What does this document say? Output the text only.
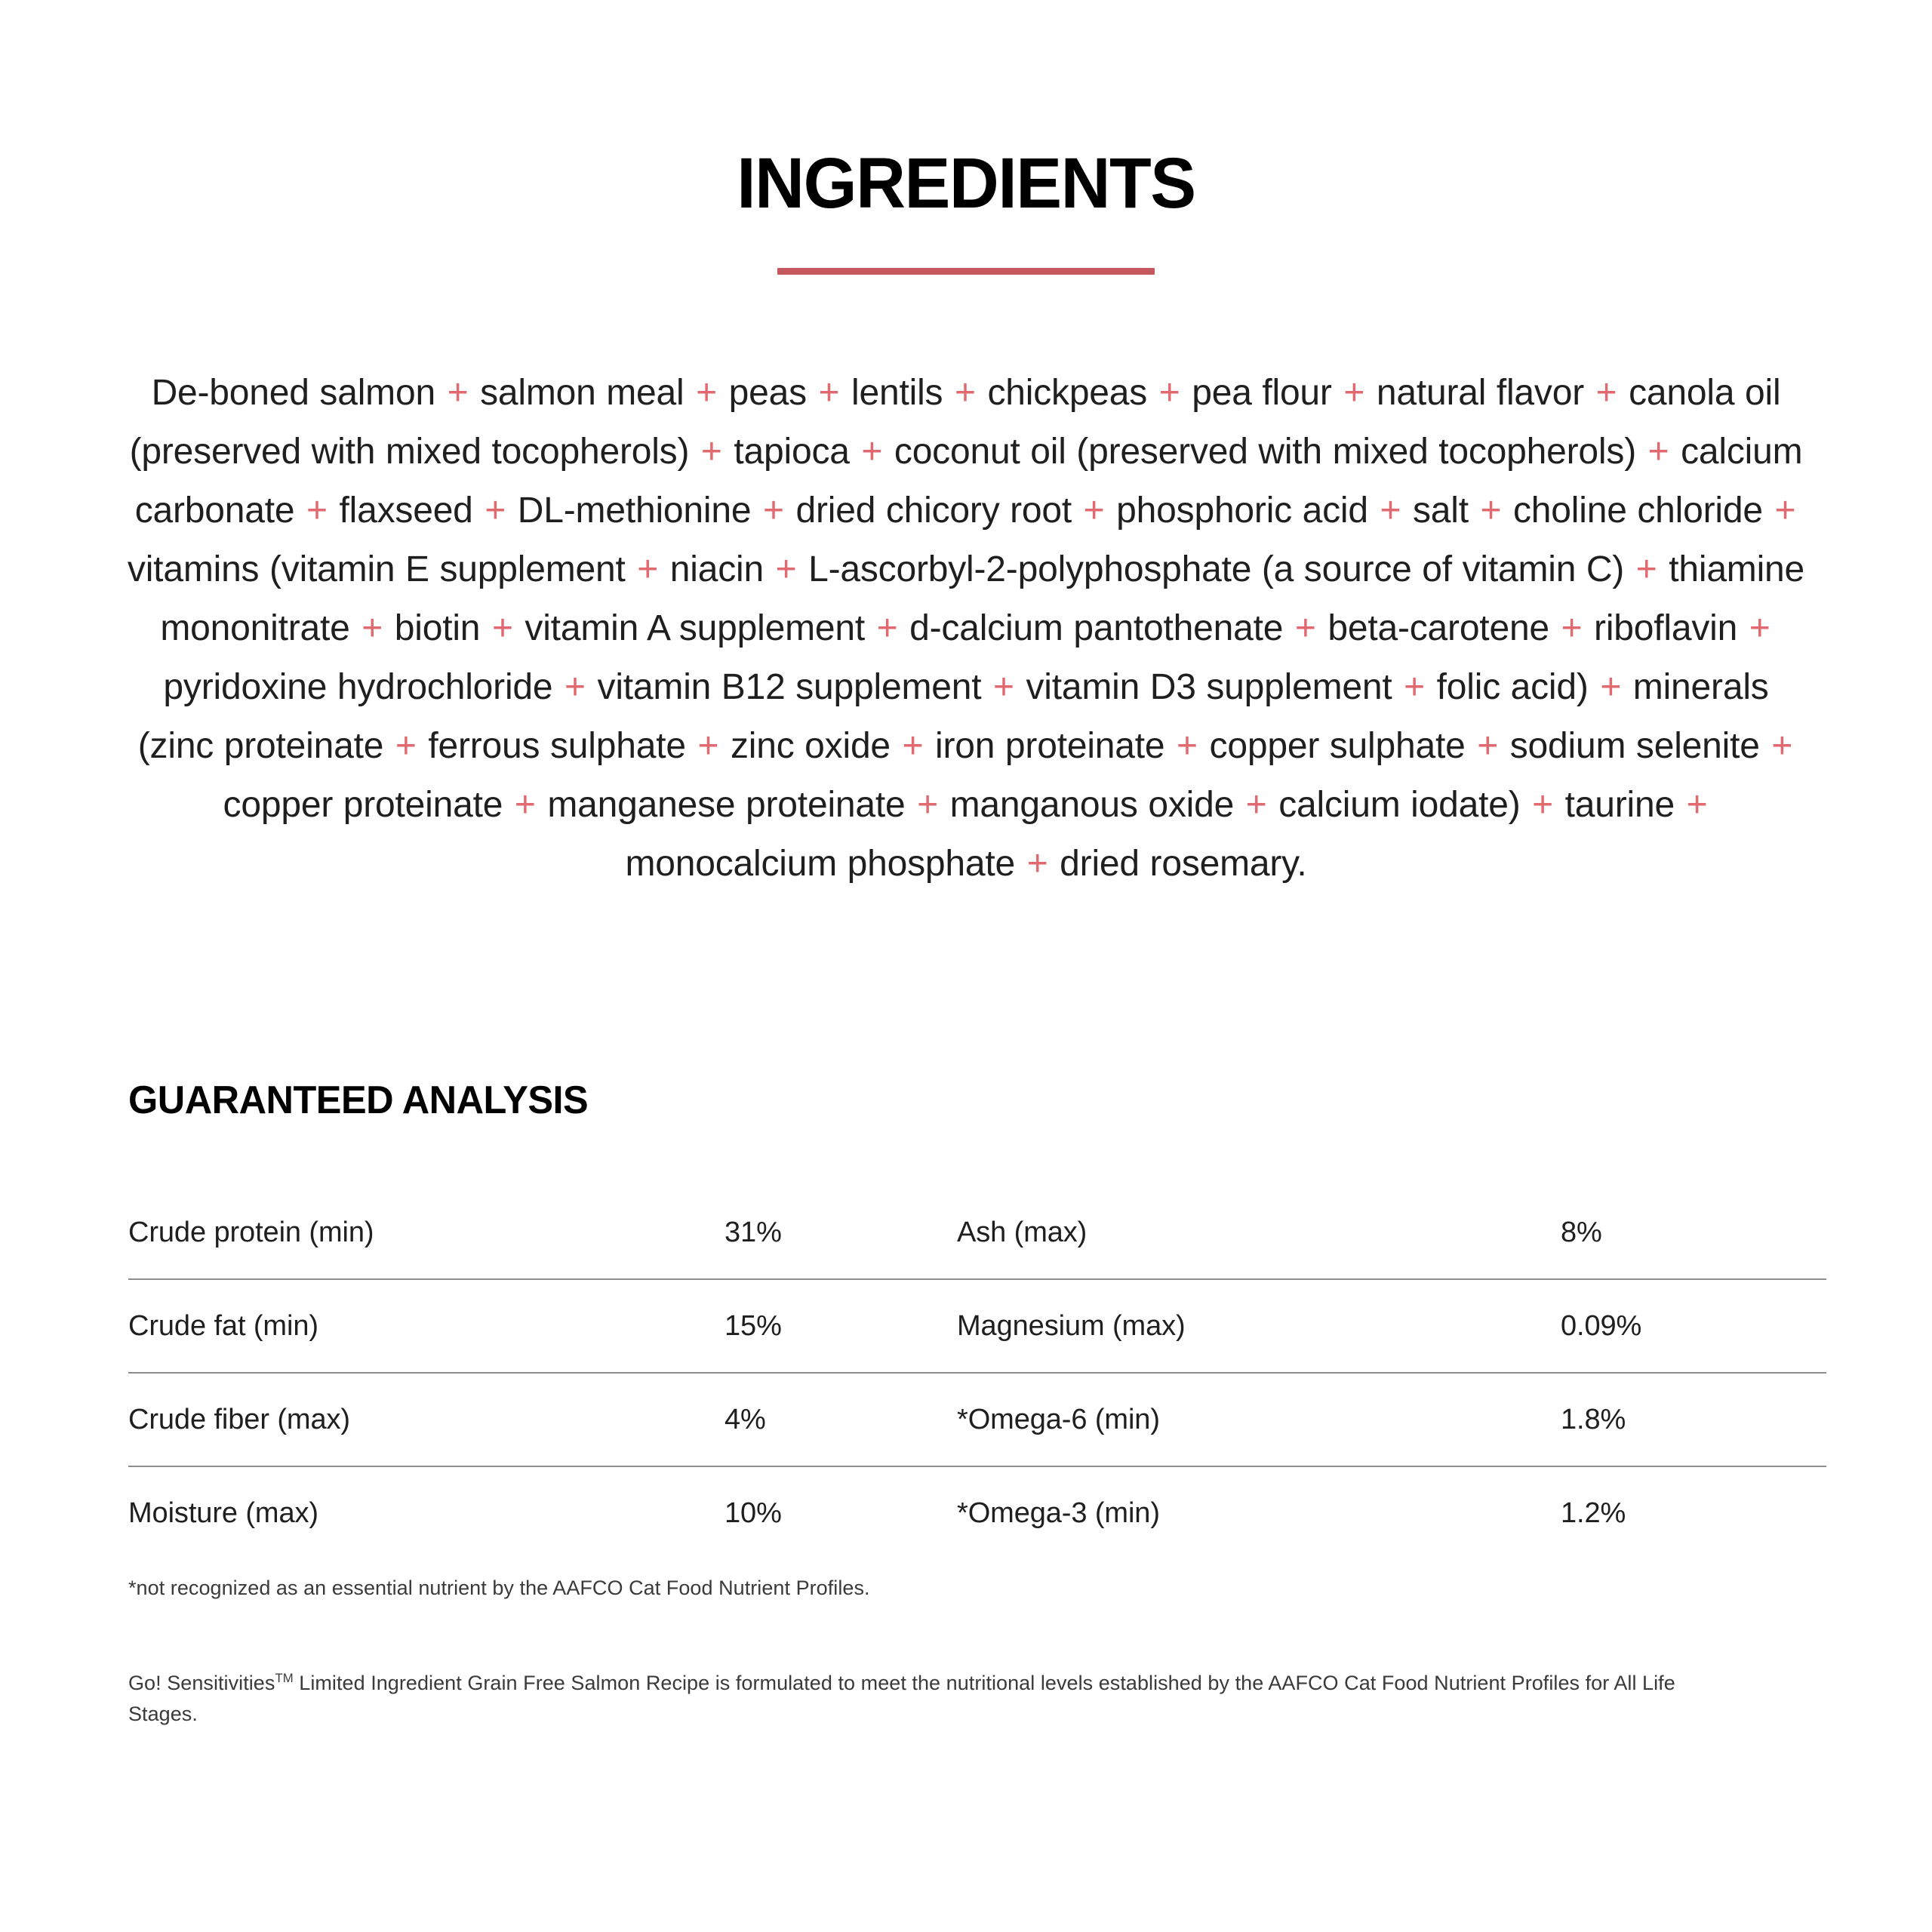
INGREDIENTS

De-boned salmon + salmon meal + peas + lentils + chickpeas + pea flour + natural flavor + canola oil (preserved with mixed tocopherols) + tapioca + coconut oil (preserved with mixed tocopherols) + calcium carbonate + flaxseed + DL-methionine + dried chicory root + phosphoric acid + salt + choline chloride + vitamins (vitamin E supplement + niacin + L-ascorbyl-2-polyphosphate (a source of vitamin C) + thiamine mononitrate + biotin + vitamin A supplement + d-calcium pantothenate + beta-carotene + riboflavin + pyridoxine hydrochloride + vitamin B12 supplement + vitamin D3 supplement + folic acid) + minerals (zinc proteinate + ferrous sulphate + zinc oxide + iron proteinate + copper sulphate + sodium selenite + copper proteinate + manganese proteinate + manganous oxide + calcium iodate) + taurine + monocalcium phosphate + dried rosemary.

GUARANTEED ANALYSIS
Crude protein (min)	31%	Ash (max)	8%
Crude fat (min)	15%	Magnesium (max)	0.09%
Crude fiber (max)	4%	*Omega-6 (min)	1.8%
Moisture (max)	10%	*Omega-3 (min)	1.2%
*not recognized as an essential nutrient by the AAFCO Cat Food Nutrient Profiles.
Go! Sensitivities™ Limited Ingredient Grain Free Salmon Recipe is formulated to meet the nutritional levels established by the AAFCO Cat Food Nutrient Profiles for All Life Stages.
